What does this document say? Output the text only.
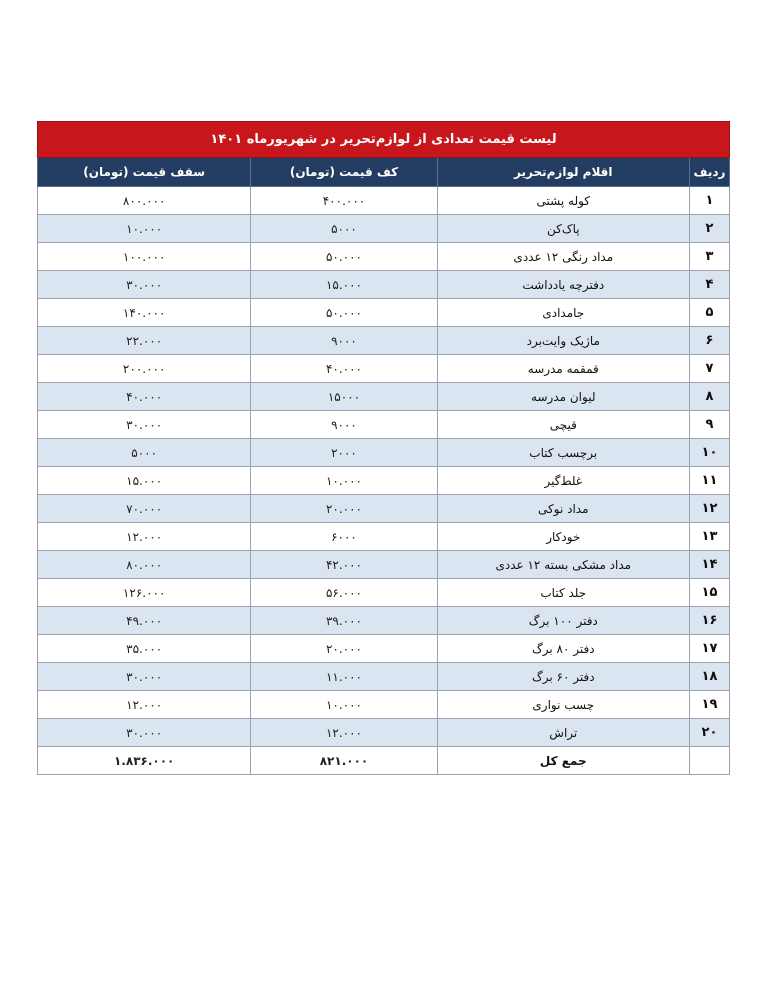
لیست قیمت تعدادی از لوازم‌تحریر در شهریورماه ۱۴۰۱			
ردیف	اقلام لوازم‌تحریر	کف قیمت (تومان)	سقف قیمت (تومان)
۱	کوله پشتی	۴۰۰.۰۰۰	۸۰۰.۰۰۰
۲	پاک‌کن	۵۰۰۰	۱۰.۰۰۰
۳	مداد رنگی ۱۲ عددی	۵۰.۰۰۰	۱۰۰.۰۰۰
۴	دفترچه یادداشت	۱۵.۰۰۰	۳۰.۰۰۰
۵	جامدادی	۵۰.۰۰۰	۱۴۰.۰۰۰
۶	ماژیک وایت‌برد	۹۰۰۰	۲۲.۰۰۰
۷	قمقمه مدرسه	۴۰.۰۰۰	۲۰۰.۰۰۰
۸	لیوان مدرسه	۱۵۰۰۰	۴۰.۰۰۰
۹	قیچی	۹۰۰۰	۳۰.۰۰۰
۱۰	برچسب کتاب	۲۰۰۰	۵۰۰۰
۱۱	غلط‌گیر	۱۰.۰۰۰	۱۵.۰۰۰
۱۲	مداد نوکی	۲۰.۰۰۰	۷۰.۰۰۰
۱۳	خودکار	۶۰۰۰	۱۲.۰۰۰
۱۴	مداد مشکی بسته ۱۲ عددی	۴۲.۰۰۰	۸۰.۰۰۰
۱۵	جلد کتاب	۵۶.۰۰۰	۱۲۶.۰۰۰
۱۶	دفتر ۱۰۰ برگ	۳۹.۰۰۰	۴۹.۰۰۰
۱۷	دفتر ۸۰ برگ	۲۰.۰۰۰	۳۵.۰۰۰
۱۸	دفتر ۶۰ برگ	۱۱.۰۰۰	۳۰.۰۰۰
۱۹	چسب نواری	۱۰.۰۰۰	۱۲.۰۰۰
۲۰	تراش	۱۲.۰۰۰	۳۰.۰۰۰
	جمع کل	۸۲۱.۰۰۰	۱.۸۳۶.۰۰۰
